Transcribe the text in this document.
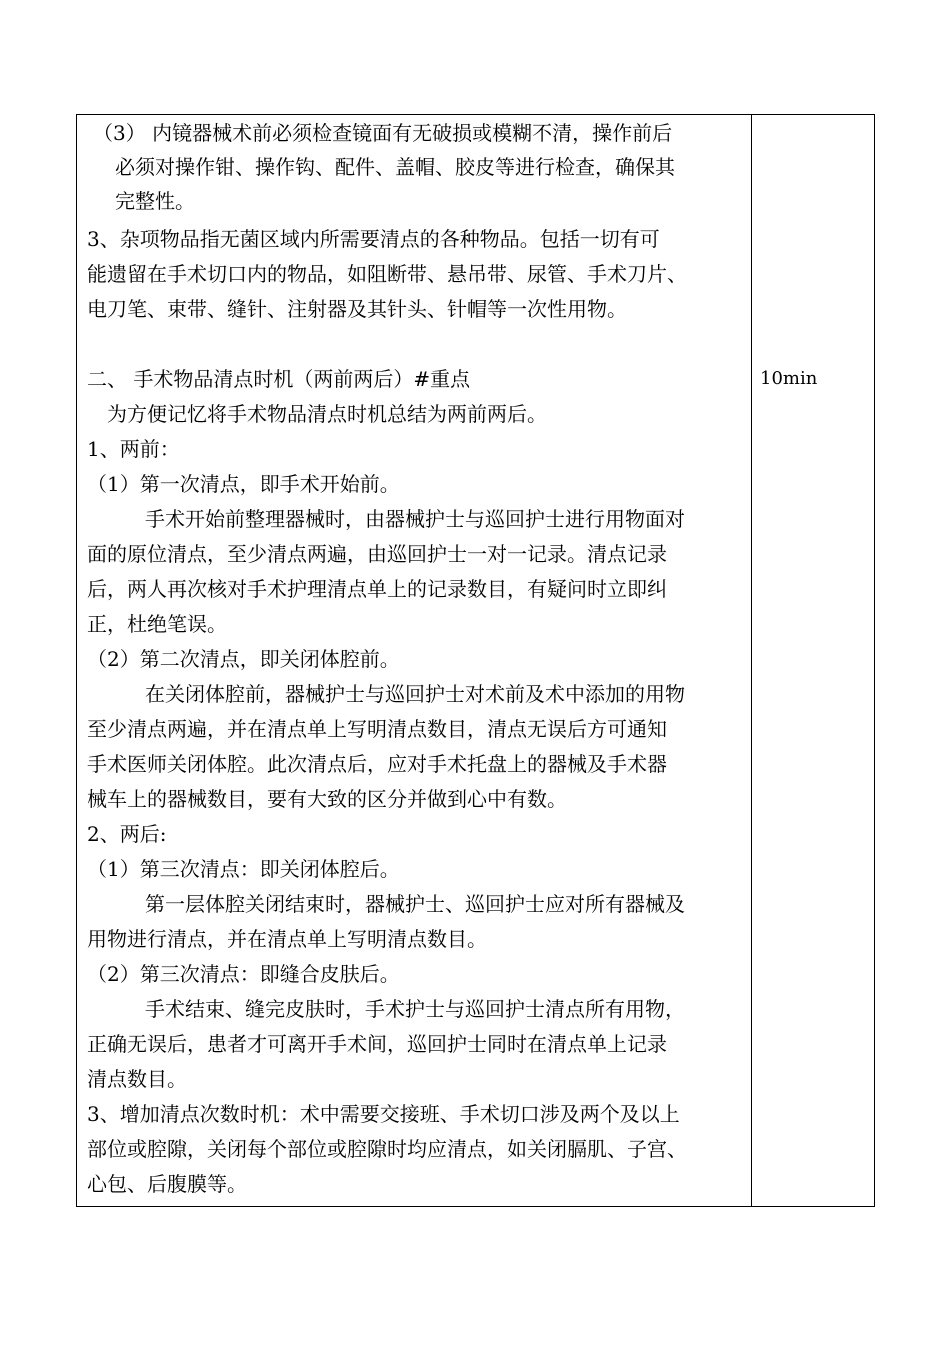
（3） 内镜器械术前必须检查镜面有无破损或模糊不清，操作前后
必须对操作钳、操作钩、配件、盖帽、胶皮等进行检查，确保其
完整性。
3、杂项物品指无菌区域内所需要清点的各种物品。包括一切有可
能遗留在手术切口内的物品，如阻断带、悬吊带、尿管、手术刀片、
电刀笔、束带、缝针、注射器及其针头、针帽等一次性用物。
二、 手术物品清点时机（两前两后）#重点
为方便记忆将手术物品清点时机总结为两前两后。
1、两前：
（1）第一次清点，即手术开始前。
手术开始前整理器械时，由器械护士与巡回护士进行用物面对
面的原位清点，至少清点两遍，由巡回护士一对一记录。清点记录
后，两人再次核对手术护理清点单上的记录数目，有疑问时立即纠
正，杜绝笔误。
（2）第二次清点，即关闭体腔前。
在关闭体腔前，器械护士与巡回护士对术前及术中添加的用物
至少清点两遍，并在清点单上写明清点数目，清点无误后方可通知
手术医师关闭体腔。此次清点后，应对手术托盘上的器械及手术器
械车上的器械数目，要有大致的区分并做到心中有数。
2、两后:
（1）第三次清点：即关闭体腔后。
第一层体腔关闭结束时，器械护士、巡回护士应对所有器械及
用物进行清点，并在清点单上写明清点数目。
（2）第三次清点：即缝合皮肤后。
手术结束、缝完皮肤时，手术护士与巡回护士清点所有用物，
正确无误后，患者才可离开手术间，巡回护士同时在清点单上记录
清点数目。
3、增加清点次数时机：术中需要交接班、手术切口涉及两个及以上
部位或腔隙，关闭每个部位或腔隙时均应清点，如关闭膈肌、子宫、
心包、后腹膜等。
10min
